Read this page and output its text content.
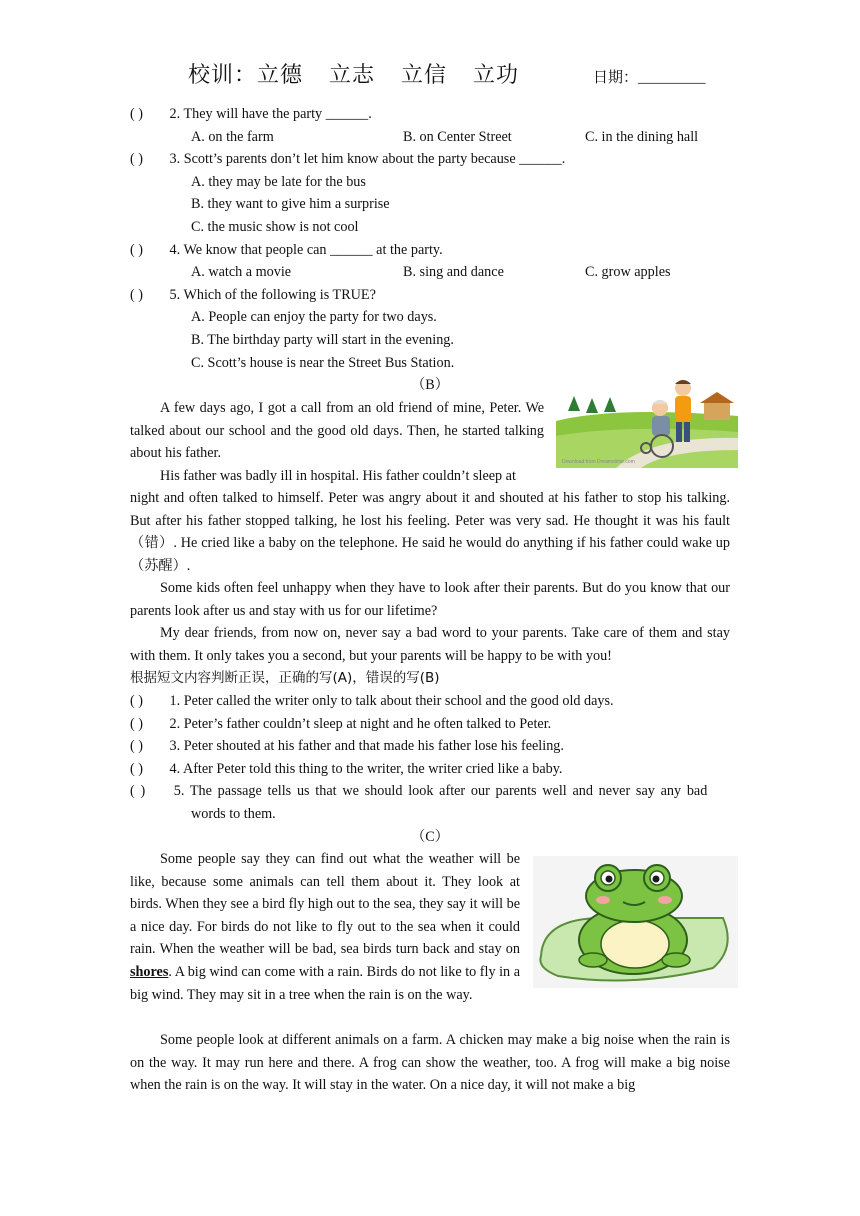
校训：立德    立志    立信    立功	日期：_________
( ) 2. They will have the party ______.
A. on the farm	B. on Center Street	C. in the dining hall
( ) 3. Scott’s parents don’t let him know about the party because ______.
A. they may be late for the bus
B. they want to give him a surprise
C. the music show is not cool
( ) 4. We know that people can ______ at the party.
A. watch a movie	B. sing and dance	C. grow apples
( ) 5. Which of the following is TRUE?
A. People can enjoy the party for two days.
B. The birthday party will start in the evening.
C. Scott’s house is near the Street Bus Station.
（B）
A few days ago, I got a call from an old friend of mine, Peter. We talked about our school and the good old days. Then, he started talking about his father.
His father was badly ill in hospital. His father couldn’t sleep at
night and often talked to himself. Peter was angry about it and shouted at his father to stop his talking. But after his father stopped talking, he lost his feeling. Peter was very sad. He thought it was his fault（错）. He cried like a baby on the telephone. He said he would do anything if his father could wake up （苏醒）.
Some kids often feel unhappy when they have to look after their parents. But do you know that our parents look after us and stay with us for our lifetime?
My dear friends, from now on, never say a bad word to your parents. Take care of them and stay with them. It only takes you a second, but your parents will be happy to be with you!
Download from Dreamstime.com
根据短文内容判断正误，正确的写(A)，错误的写(B)
( ) 1. Peter called the writer only to talk about their school and the good old days.
( ) 2. Peter’s father couldn’t sleep at night and he often talked to Peter.
( ) 3. Peter shouted at his father and that made his father lose his feeling.
( ) 4. After Peter told this thing to the writer, the writer cried like a baby.
( ) 5. The passage tells us that we should look after our parents well and never say any bad
words to them.
（C）
Some people say they can find out what the weather will be like, because some animals can tell them about it. They look at birds. When they see a bird fly high out to the sea, they say it will be a nice day. For birds do not like to fly out to the sea when it could rain. When the weather will be bad, sea birds turn back and stay on shores. A big wind can come with a rain. Birds do not like to fly in a big wind. They may sit in a tree when the rain is on the way.
Some people look at different animals on a farm. A chicken may make a big noise when the rain is on the way. It may run here and there. A frog can show the weather, too. A frog will make a big noise when the rain is on the way. It will stay in the water. On a nice day, it will not make a big
